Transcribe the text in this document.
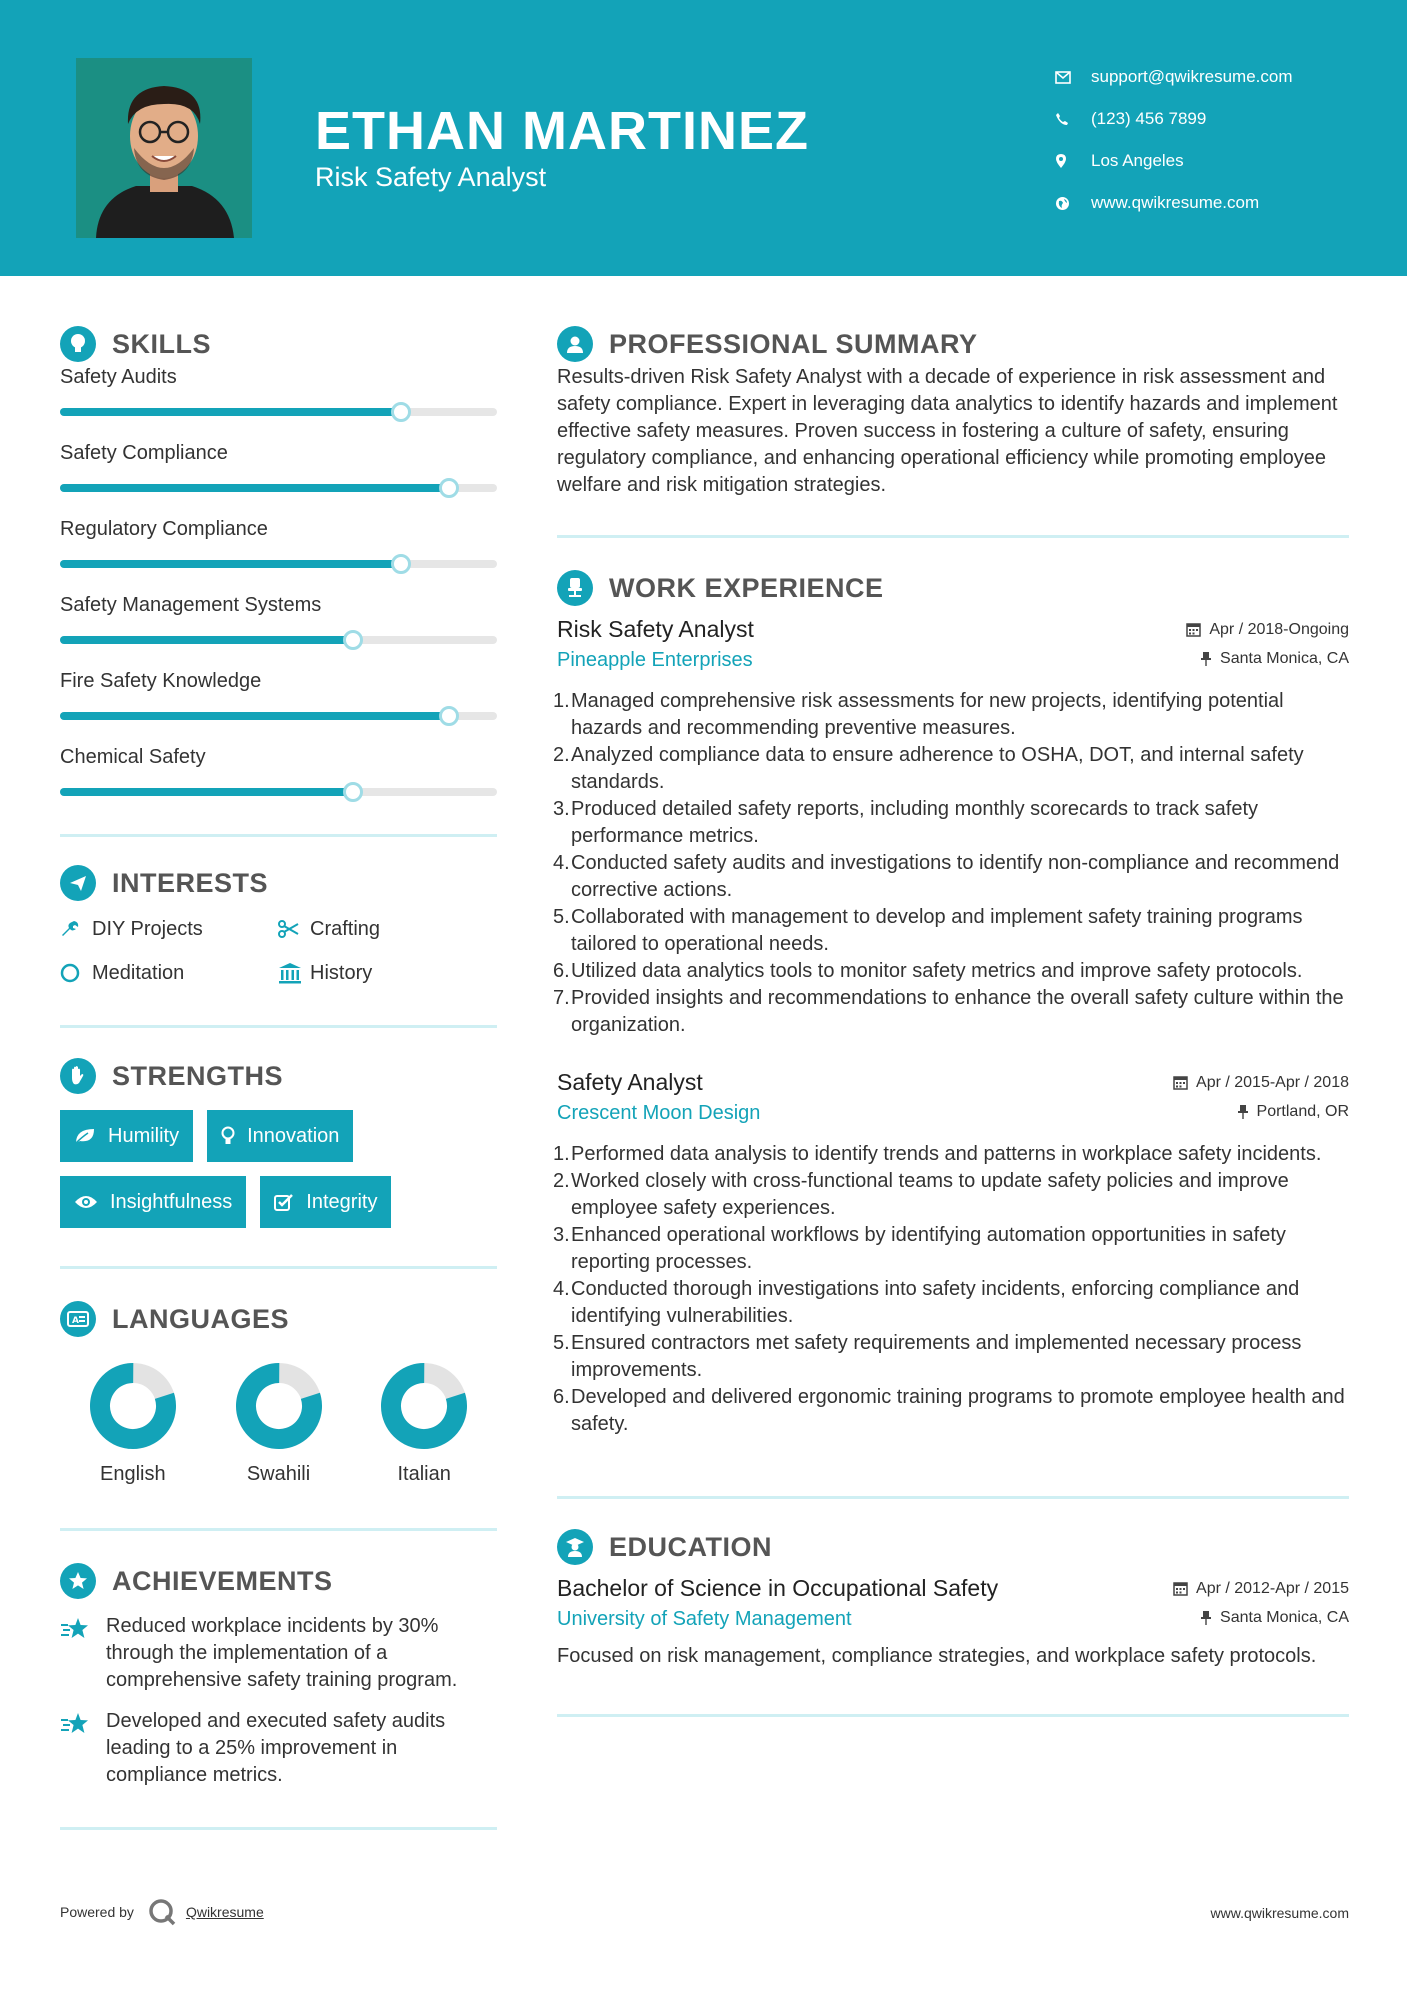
ETHAN MARTINEZ
Risk Safety Analyst
support@qwikresume.com
(123) 456 7899
Los Angeles
www.qwikresume.com
SKILLS
Safety Audits
Safety Compliance
Regulatory Compliance
Safety Management Systems
Fire Safety Knowledge
Chemical Safety
INTERESTS
DIY Projects	Crafting
Meditation	History
STRENGTHS
Humility	Innovation
Insightfulness	Integrity
A LANGUAGES
English	Swahili	Italian
ACHIEVEMENTS
Reduced workplace incidents by 30% through the implementation of a comprehensive safety training program.
Developed and executed safety audits leading to a 25% improvement in compliance metrics.
PROFESSIONAL SUMMARY
Results-driven Risk Safety Analyst with a decade of experience in risk assessment and safety compliance. Expert in leveraging data analytics to identify hazards and implement effective safety measures. Proven success in fostering a culture of safety, ensuring regulatory compliance, and enhancing operational efficiency while promoting employee welfare and risk mitigation strategies.
WORK EXPERIENCE
Risk Safety Analyst	Apr / 2018-Ongoing
Pineapple Enterprises	Santa Monica, CA
1. Managed comprehensive risk assessments for new projects, identifying potential hazards and recommending preventive measures.
2. Analyzed compliance data to ensure adherence to OSHA, DOT, and internal safety standards.
3. Produced detailed safety reports, including monthly scorecards to track safety performance metrics.
4. Conducted safety audits and investigations to identify non-compliance and recommend corrective actions.
5. Collaborated with management to develop and implement safety training programs tailored to operational needs.
6. Utilized data analytics tools to monitor safety metrics and improve safety protocols.
7. Provided insights and recommendations to enhance the overall safety culture within the organization.
Safety Analyst	Apr / 2015-Apr / 2018
Crescent Moon Design	Portland, OR
1. Performed data analysis to identify trends and patterns in workplace safety incidents.
2. Worked closely with cross-functional teams to update safety policies and improve employee safety experiences.
3. Enhanced operational workflows by identifying automation opportunities in safety reporting processes.
4. Conducted thorough investigations into safety incidents, enforcing compliance and identifying vulnerabilities.
5. Ensured contractors met safety requirements and implemented necessary process improvements.
6. Developed and delivered ergonomic training programs to promote employee health and safety.
EDUCATION
Bachelor of Science in Occupational Safety	Apr / 2012-Apr / 2015
University of Safety Management	Santa Monica, CA
Focused on risk management, compliance strategies, and workplace safety protocols.
Powered by	Qwikresume	www.qwikresume.com
